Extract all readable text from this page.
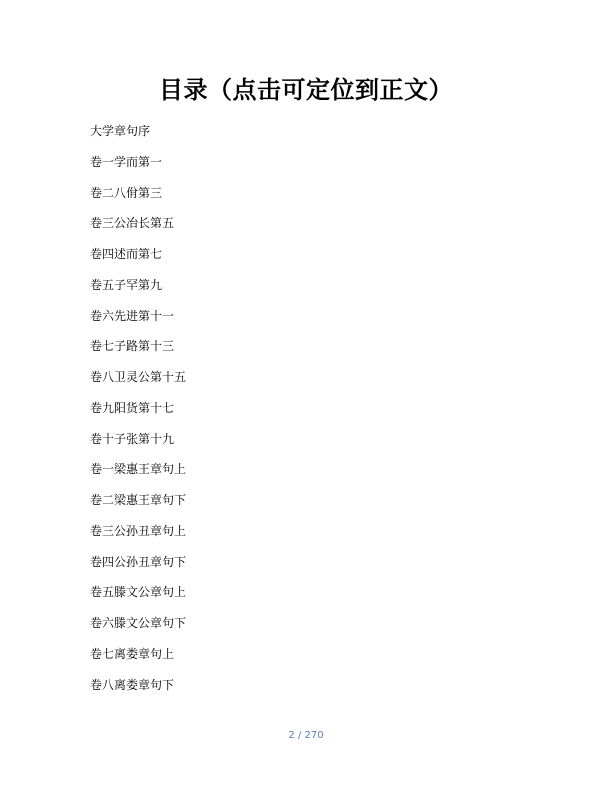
目录（点击可定位到正文）
大学章句序
卷一学而第一
卷二八佾第三
卷三公冶长第五
卷四述而第七
卷五子罕第九
卷六先进第十一
卷七子路第十三
卷八卫灵公第十五
卷九阳货第十七
卷十子张第十九
卷一梁惠王章句上
卷二梁惠王章句下
卷三公孙丑章句上
卷四公孙丑章句下
卷五滕文公章句上
卷六滕文公章句下
卷七离娄章句上
卷八离娄章句下
2 / 270
